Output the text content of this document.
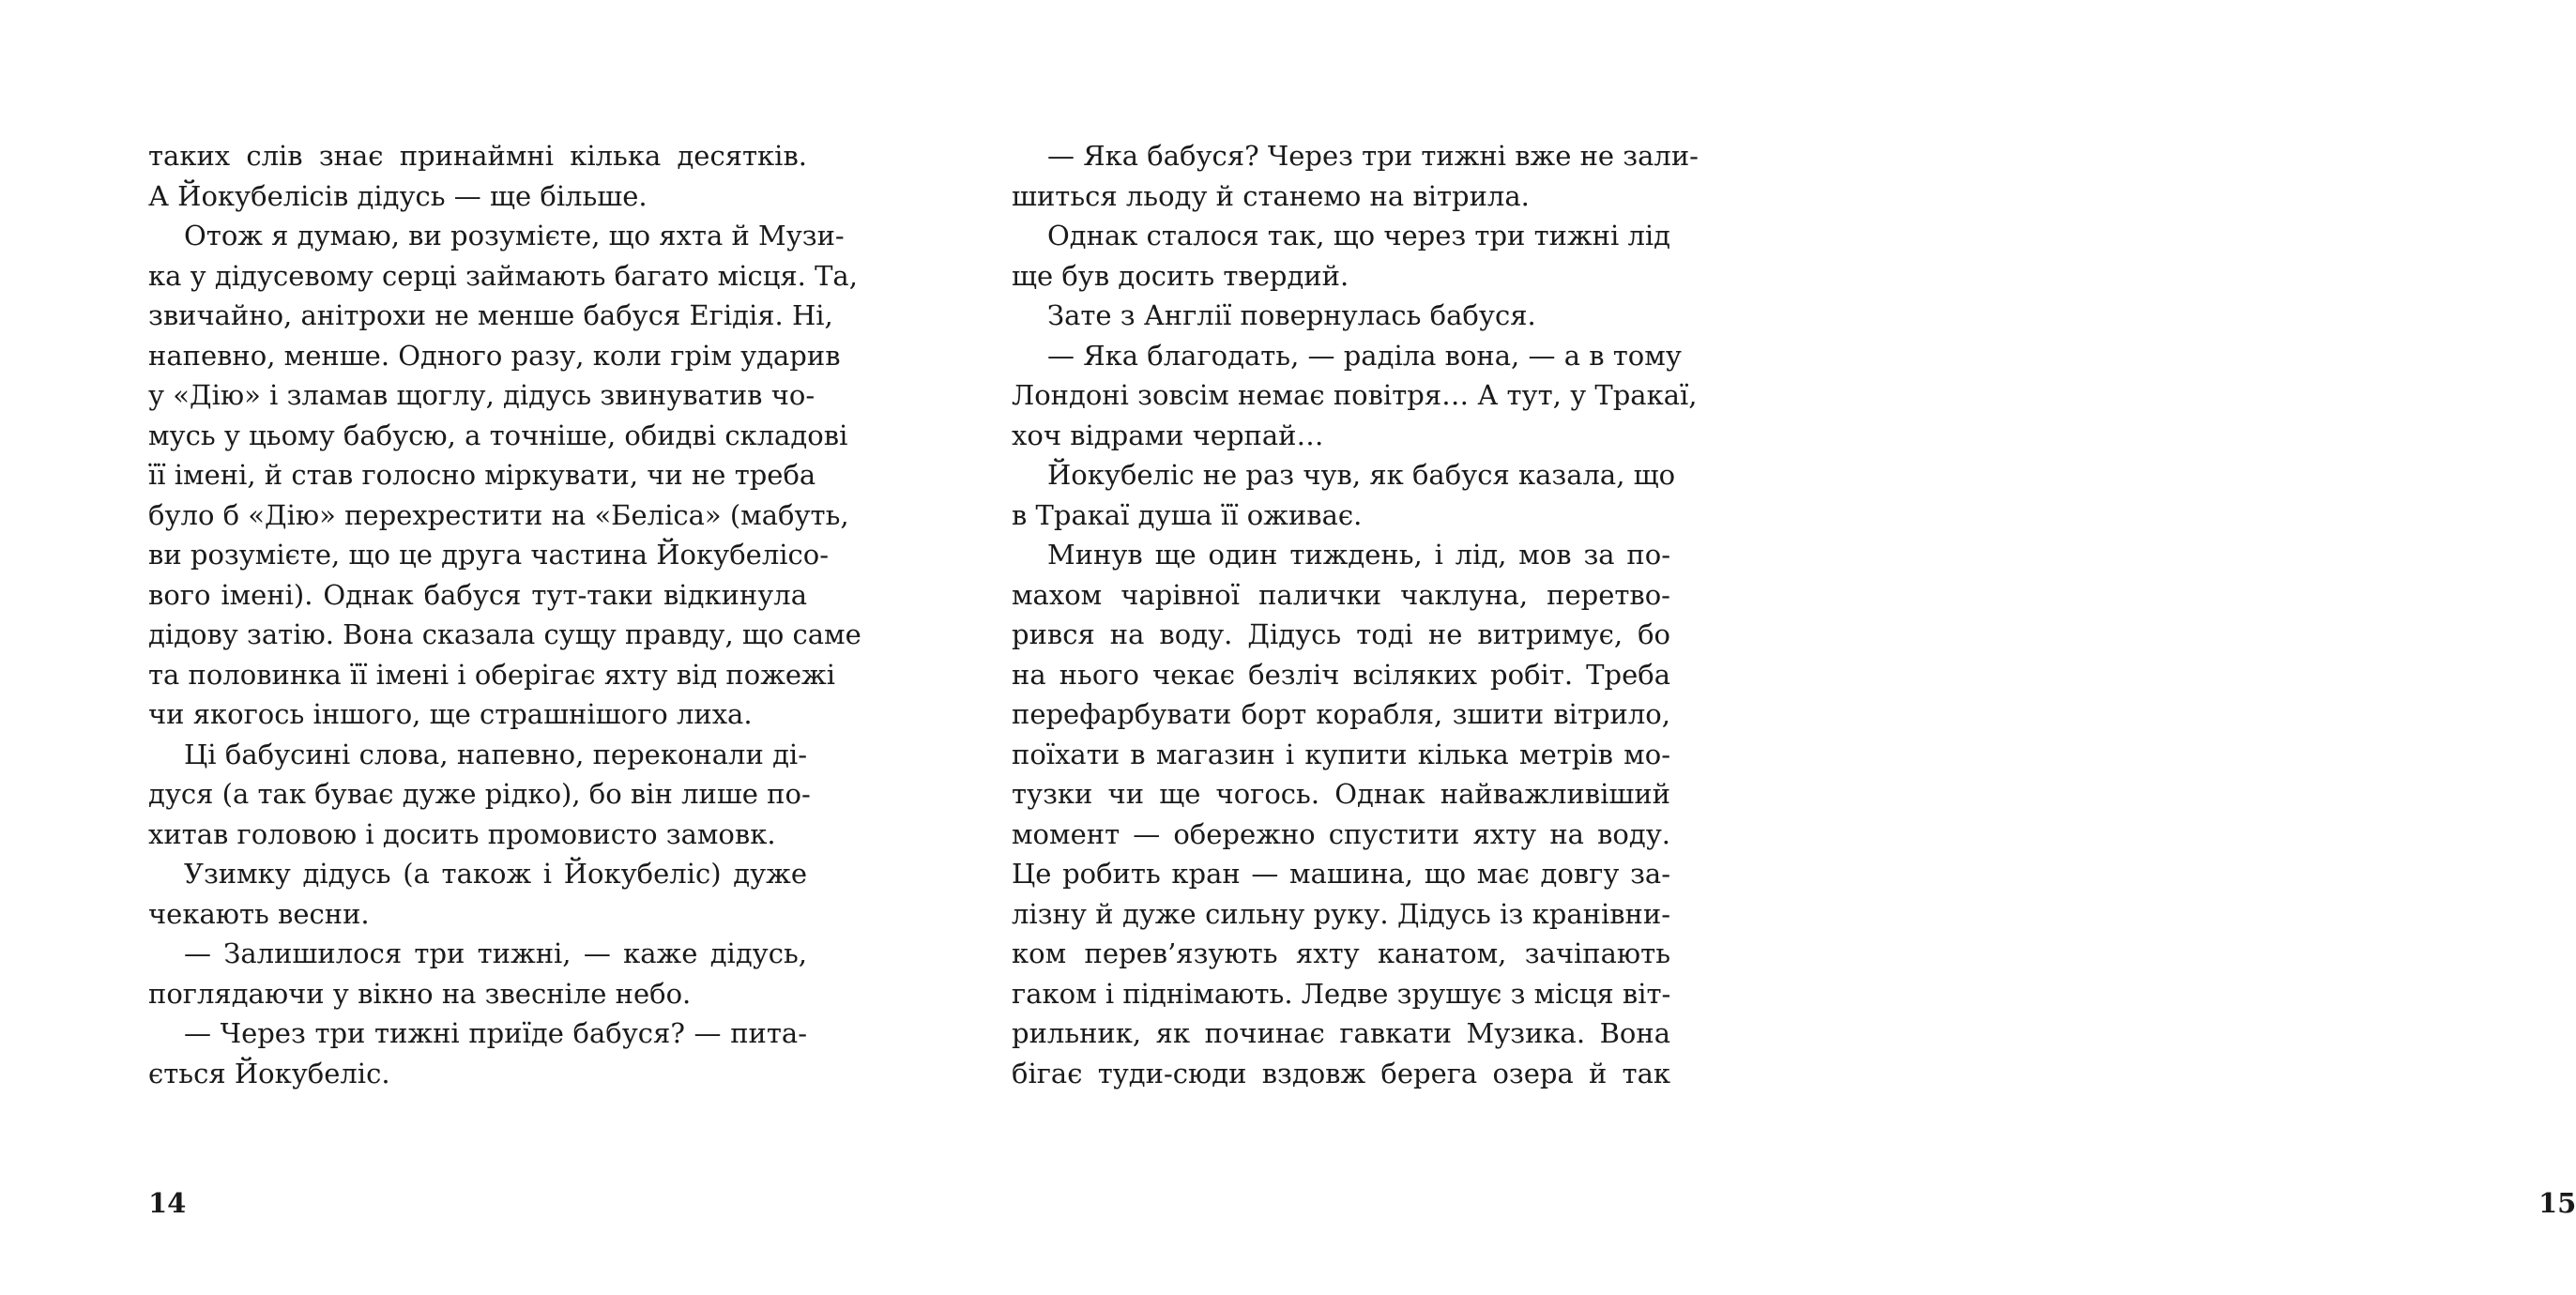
таких слів знає принаймні кілька десятків.
А Йокубелісів дідусь — ще більше.
Отож я думаю, ви розумієте, що яхта й Музи-
ка у дідусевому серці займають багато місця. Та,
звичайно, анітрохи не менше бабуся Егідія. Ні,
напевно, менше. Одного разу, коли грім ударив
у «Дію» і зламав щоглу, дідусь звинуватив чо-
мусь у цьому бабусю, а точніше, обидві складові
її імені, й став голосно міркувати, чи не треба
було б «Дію» перехрестити на «Беліса» (мабуть,
ви розумієте, що це друга частина Йокубелісо-
вого імені). Однак бабуся тут-таки відкинула
дідову затію. Вона сказала сущу правду, що саме
та половинка її імені і оберігає яхту від пожежі
чи якогось іншого, ще страшнішого лиха.
Ці бабусині слова, напевно, переконали ді-
дуся (а так буває дуже рідко), бо він лише по-
хитав головою і досить промовисто замовк.
Узимку дідусь (а також і Йокубеліс) дуже
чекають весни.
— Залишилося три тижні, — каже дідусь,
поглядаючи у вікно на звесніле небо.
— Через три тижні приїде бабуся? — пита-
ється Йокубеліс.
14
— Яка бабуся? Через три тижні вже не зали-
шиться льоду й станемо на вітрила.
Однак сталося так, що через три тижні лід
ще був досить твердий.
Зате з Англії повернулась бабуся.
— Яка благодать, — раділа вона, — а в тому
Лондоні зовсім немає повітря… А тут, у Тракаї,
хоч відрами черпай…
Йокубеліс не раз чув, як бабуся казала, що
в Тракаї душа її оживає.
Минув ще один тиждень, і лід, мов за по-
махом чарівної палички чаклуна, перетво-
рився на воду. Дідусь тоді не витримує, бо
на нього чекає безліч всіляких робіт. Треба
перефарбувати борт корабля, зшити вітрило,
поїхати в магазин і купити кілька метрів мо-
тузки чи ще чогось. Однак найважливіший
момент — обережно спустити яхту на воду.
Це робить кран — машина, що має довгу за-
лізну й дуже сильну руку. Дідусь із кранівни-
ком перев’язують яхту канатом, зачіпають
гаком і піднімають. Ледве зрушує з місця віт-
рильник, як починає гавкати Музика. Вона
бігає туди-сюди вздовж берега озера й так
15
